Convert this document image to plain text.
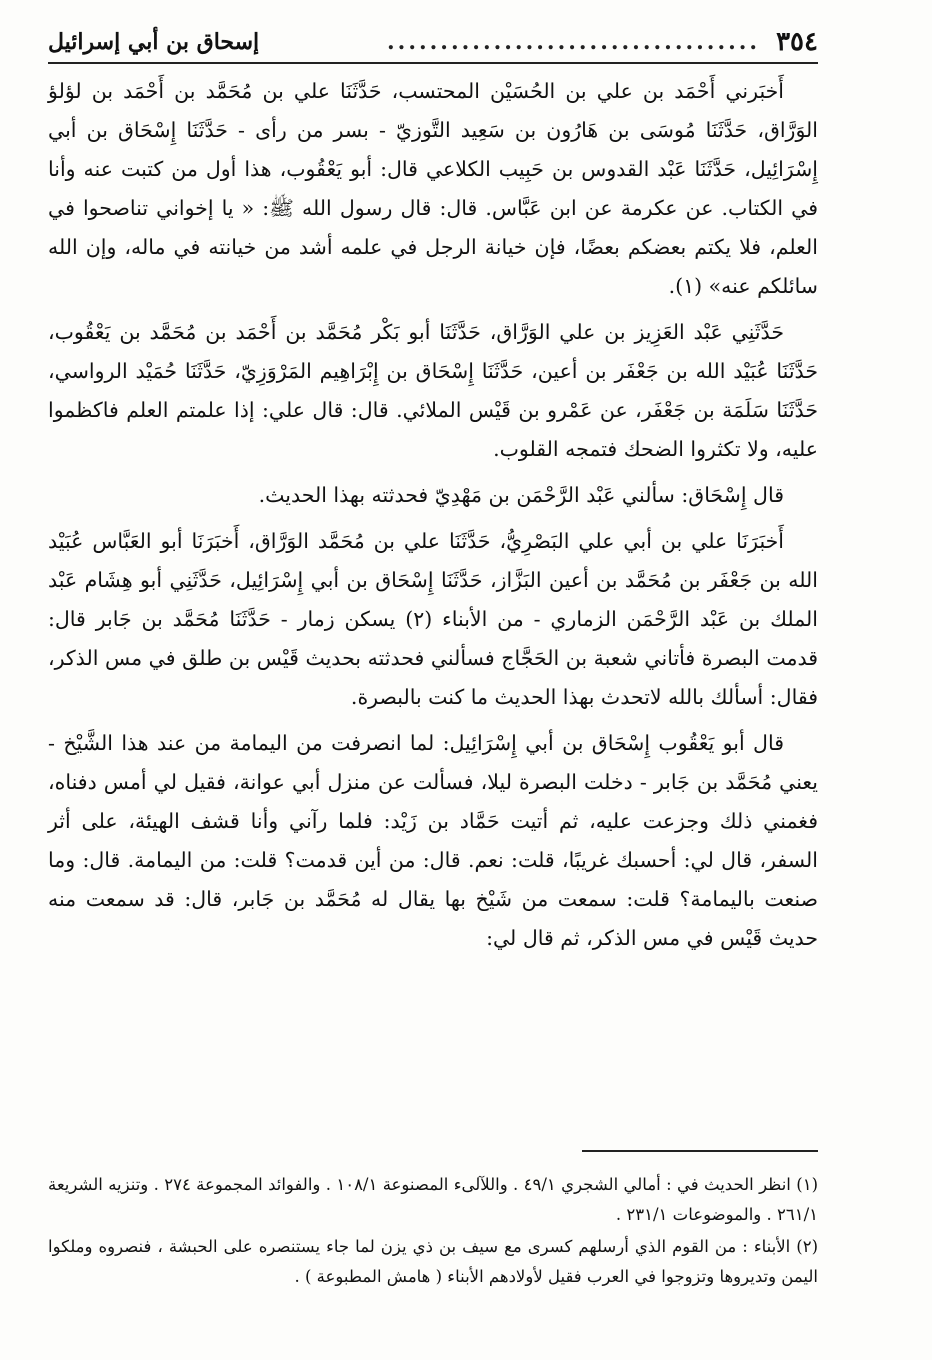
٣٥٤
...................................
إسحاق بن أبي إسرائيل

أَخبَرني أَحْمَد بن علي بن الحُسَيْن المحتسب، حَدَّثَنَا علي بن مُحَمَّد بن أَحْمَد بن لؤلؤ الوَرَّاق، حَدَّثَنَا مُوسَى بن هَارُون بن سَعِيد التَّوزيّ - بسر من رأى - حَدَّثَنَا إِسْحَاق بن أبي إِسْرَائِيل، حَدَّثَنَا عَبْد القدوس بن حَبِيب الكلاعي قال: أبو يَعْقُوب، هذا أول من كتبت عنه وأنا في الكتاب. عن عكرمة عن ابن عَبَّاس. قال: قال رسول الله ﷺ: « يا إخواني تناصحوا في العلم، فلا يكتم بعضكم بعضًا، فإن خيانة الرجل في علمه أشد من خيانته في ماله، وإن الله سائلكم عنه» (١).

حَدَّثَنِي عَبْد العَزِيز بن علي الوَرَّاق، حَدَّثَنَا أبو بَكْر مُحَمَّد بن أَحْمَد بن مُحَمَّد بن يَعْقُوب، حَدَّثَنَا عُبَيْد الله بن جَعْفَر بن أعين، حَدَّثَنَا إِسْحَاق بن إِبْرَاهِيم المَرْوَزِيّ، حَدَّثَنَا حُمَيْد الرواسي، حَدَّثَنَا سَلَمَة بن جَعْفَر، عن عَمْرو بن قَيْس الملائي. قال: قال علي: إذا علمتم العلم فاكظموا عليه، ولا تكثروا الضحك فتمجه القلوب.

قال إِسْحَاق: سألني عَبْد الرَّحْمَن بن مَهْدِيّ فحدثته بهذا الحديث.

أَخبَرَنَا علي بن أبي علي البَصْرِيُّ، حَدَّثَنَا علي بن مُحَمَّد الوَرَّاق، أَخبَرَنَا أبو العَبَّاس عُبَيْد الله بن جَعْفَر بن مُحَمَّد بن أعين البَزَّاز، حَدَّثَنَا إِسْحَاق بن أبي إِسْرَائِيل، حَدَّثَنِي أبو هِشَام عَبْد الملك بن عَبْد الرَّحْمَن الزماري - من الأبناء (٢) يسكن زمار - حَدَّثَنَا مُحَمَّد بن جَابر قال: قدمت البصرة فأتاني شعبة بن الحَجَّاج فسألني فحدثته بحديث قَيْس بن طلق في مس الذكر، فقال: أسألك بالله لاتحدث بهذا الحديث ما كنت بالبصرة.

قال أبو يَعْقُوب إِسْحَاق بن أبي إِسْرَائِيل: لما انصرفت من اليمامة من عند هذا الشَّيْخ - يعني مُحَمَّد بن جَابر - دخلت البصرة ليلا، فسألت عن منزل أبي عوانة، فقيل لي أمس دفناه، فغمني ذلك وجزعت عليه، ثم أتيت حَمَّاد بن زَيْد: فلما رآني وأنا قشف الهيئة، على أثر السفر، قال لي: أحسبك غريبًا، قلت: نعم. قال: من أين قدمت؟ قلت: من اليمامة. قال: وما صنعت باليمامة؟ قلت: سمعت من شَيْخ بها يقال له مُحَمَّد بن جَابر، قال: قد سمعت منه حديث قَيْس في مس الذكر، ثم قال لي:

(١) انظر الحديث في : أمالي الشجري ٤٩/١ . واللآلىء المصنوعة ١٠٨/١ . والفوائد المجموعة ٢٧٤ . وتنزيه الشريعة ٢٦١/١ . والموضوعات ٢٣١/١ .

(٢) الأبناء : من القوم الذي أرسلهم كسرى مع سيف بن ذي يزن لما جاء يستنصره على الحبشة ، فنصروه وملكوا اليمن وتديروها وتزوجوا في العرب فقيل لأولادهم الأبناء ( هامش المطبوعة ) .
